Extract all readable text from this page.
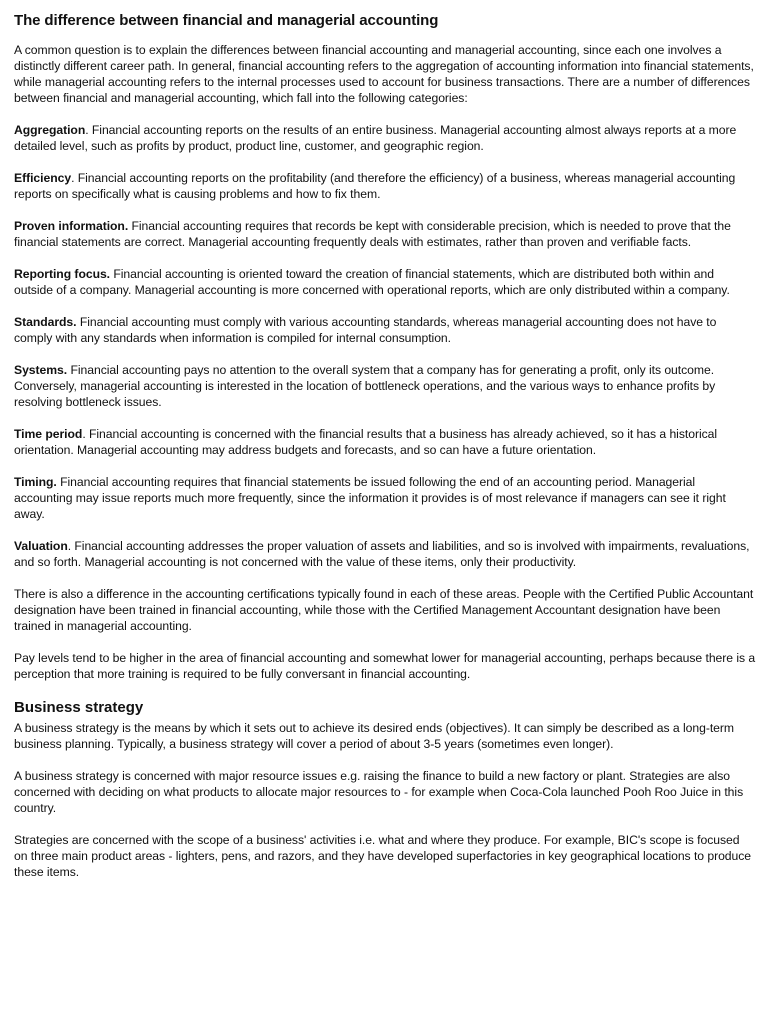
The difference between financial and managerial accounting

A common question is to explain the differences between financial accounting and managerial accounting, since each one involves a distinctly different career path. In general, financial accounting refers to the aggregation of accounting information into financial statements, while managerial accounting refers to the internal processes used to account for business transactions. There are a number of differences between financial and managerial accounting, which fall into the following categories:

Aggregation. Financial accounting reports on the results of an entire business. Managerial accounting almost always reports at a more detailed level, such as profits by product, product line, customer, and geographic region.

Efficiency. Financial accounting reports on the profitability (and therefore the efficiency) of a business, whereas managerial accounting reports on specifically what is causing problems and how to fix them.

Proven information. Financial accounting requires that records be kept with considerable precision, which is needed to prove that the financial statements are correct. Managerial accounting frequently deals with estimates, rather than proven and verifiable facts.

Reporting focus. Financial accounting is oriented toward the creation of financial statements, which are distributed both within and outside of a company. Managerial accounting is more concerned with operational reports, which are only distributed within a company.

Standards. Financial accounting must comply with various accounting standards, whereas managerial accounting does not have to comply with any standards when information is compiled for internal consumption.

Systems. Financial accounting pays no attention to the overall system that a company has for generating a profit, only its outcome. Conversely, managerial accounting is interested in the location of bottleneck operations, and the various ways to enhance profits by resolving bottleneck issues.

Time period. Financial accounting is concerned with the financial results that a business has already achieved, so it has a historical orientation. Managerial accounting may address budgets and forecasts, and so can have a future orientation.

Timing. Financial accounting requires that financial statements be issued following the end of an accounting period. Managerial accounting may issue reports much more frequently, since the information it provides is of most relevance if managers can see it right away.

Valuation. Financial accounting addresses the proper valuation of assets and liabilities, and so is involved with impairments, revaluations, and so forth. Managerial accounting is not concerned with the value of these items, only their productivity.

There is also a difference in the accounting certifications typically found in each of these areas. People with the Certified Public Accountant designation have been trained in financial accounting, while those with the Certified Management Accountant designation have been trained in managerial accounting.

Pay levels tend to be higher in the area of financial accounting and somewhat lower for managerial accounting, perhaps because there is a perception that more training is required to be fully conversant in financial accounting.

Business strategy

A business strategy is the means by which it sets out to achieve its desired ends (objectives). It can simply be described as a long-term business planning. Typically, a business strategy will cover a period of about 3-5 years (sometimes even longer).

A business strategy is concerned with major resource issues e.g. raising the finance to build a new factory or plant. Strategies are also concerned with deciding on what products to allocate major resources to - for example when Coca-Cola launched Pooh Roo Juice in this country.

Strategies are concerned with the scope of a business' activities i.e. what and where they produce. For example, BIC's scope is focused on three main product areas - lighters, pens, and razors, and they have developed superfactories in key geographical locations to produce these items.
